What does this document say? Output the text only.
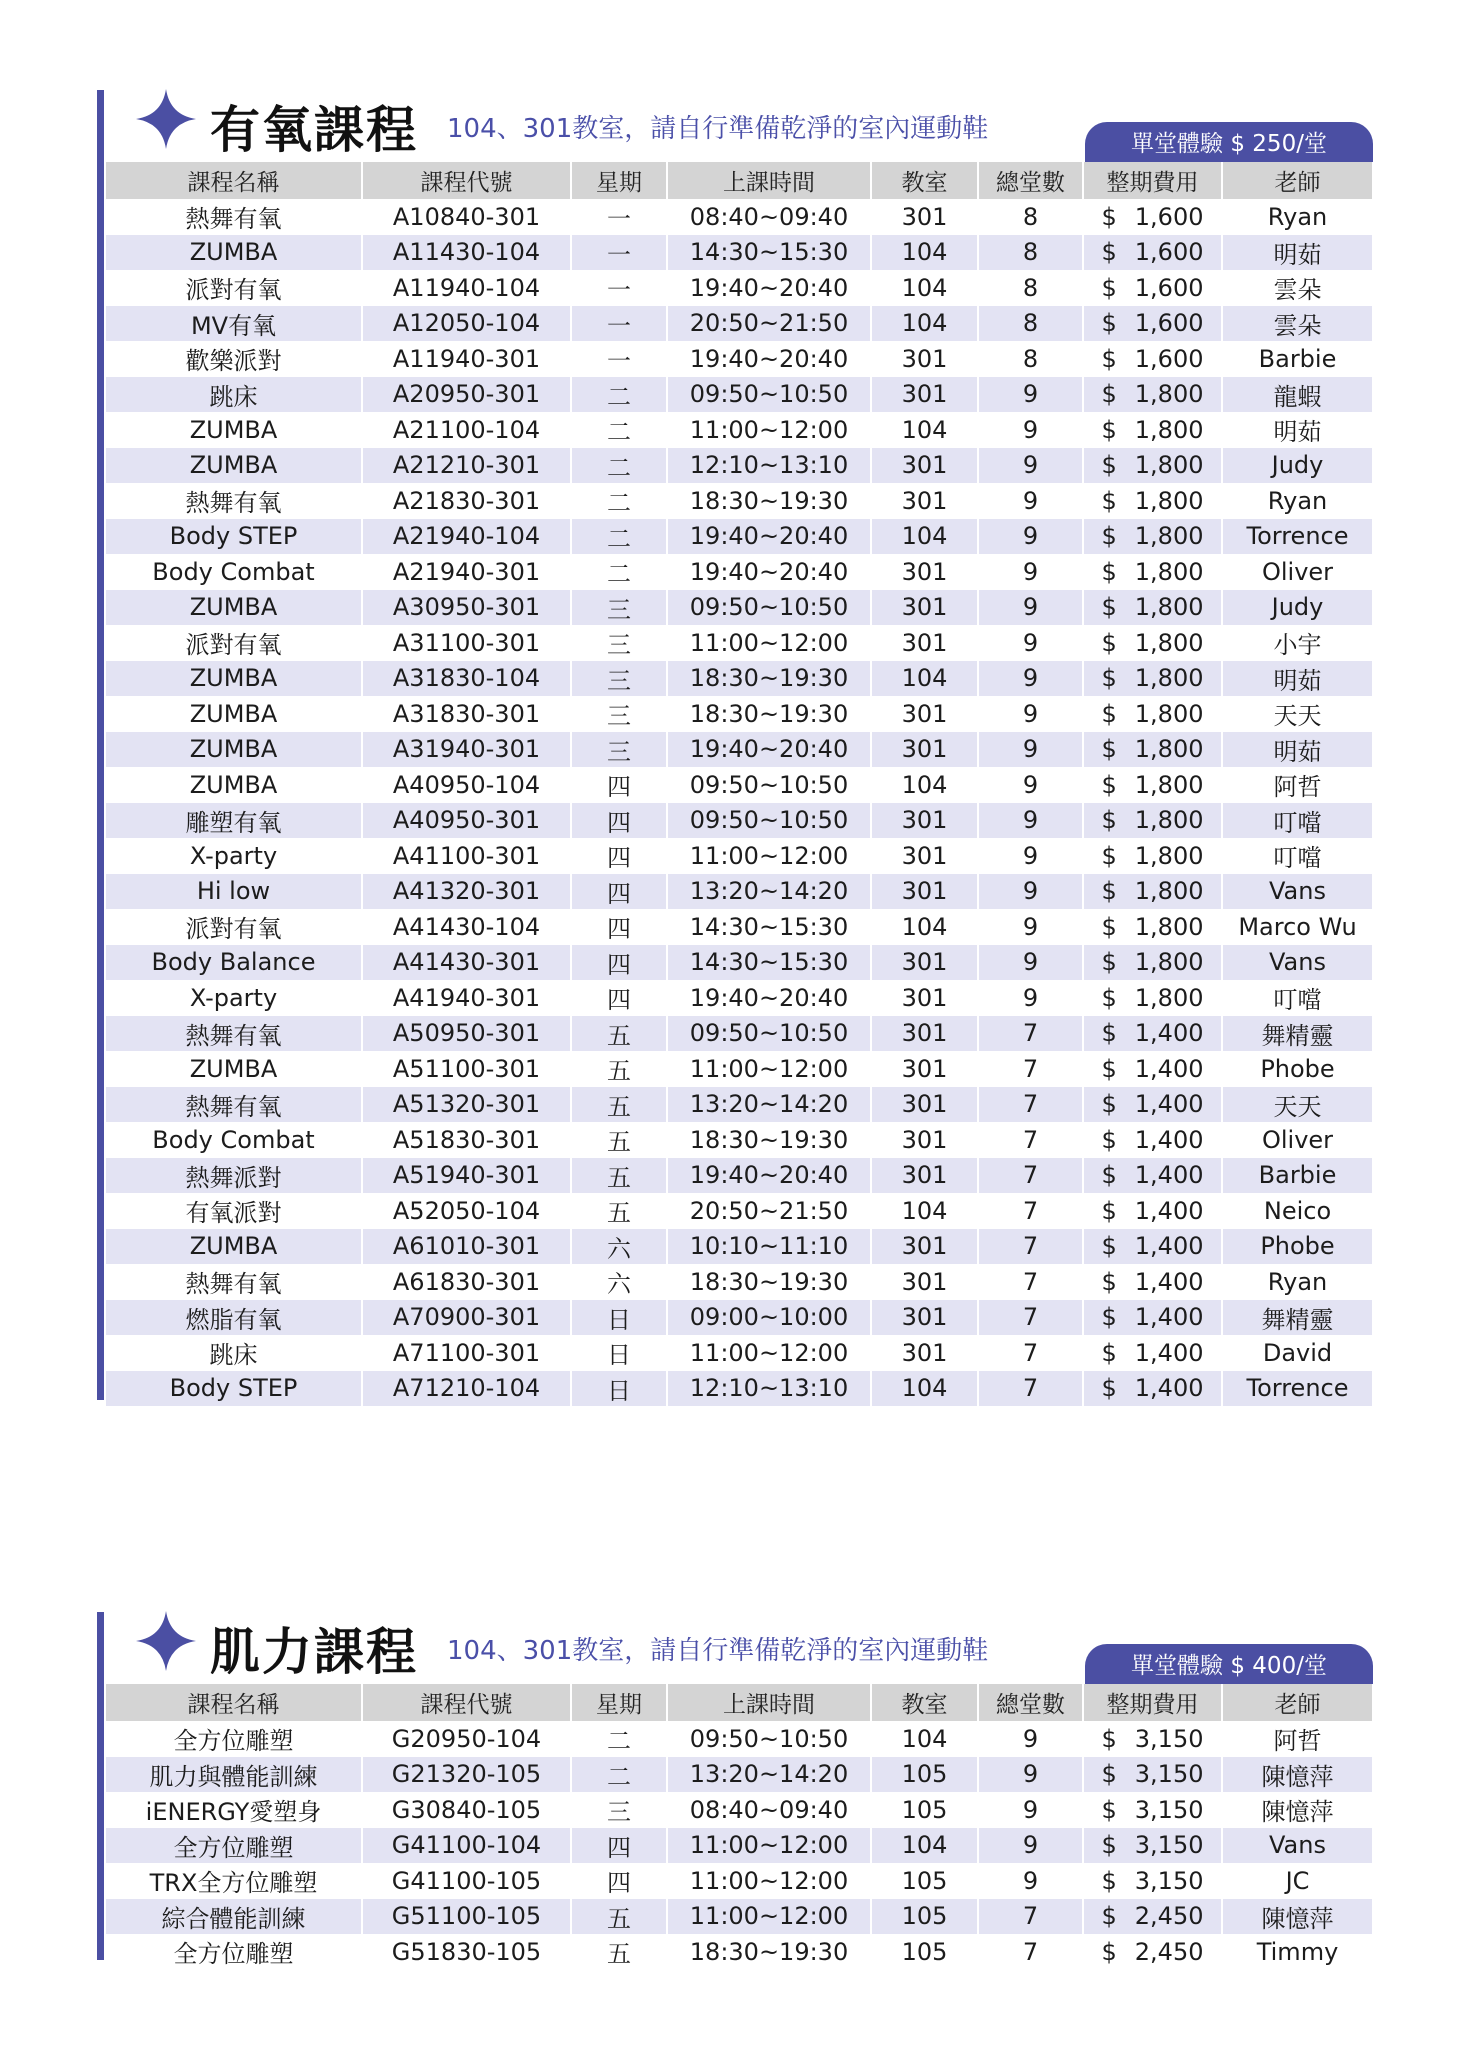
有氧課程 104、301教室，請自行準備乾淨的室內運動鞋	單堂體驗 $ 250/堂
課程名稱	課程代號	星期	上課時間	教室	總堂數	整期費用	老師
熱舞有氧	A10840-301	一	08:40~09:40	301	8	$ 1,600	Ryan
ZUMBA	A11430-104	一	14:30~15:30	104	8	$ 1,600	明茹
派對有氧	A11940-104	一	19:40~20:40	104	8	$ 1,600	雲朵
MV有氧	A12050-104	一	20:50~21:50	104	8	$ 1,600	雲朵
歡樂派對	A11940-301	一	19:40~20:40	301	8	$ 1,600	Barbie
跳床	A20950-301	二	09:50~10:50	301	9	$ 1,800	龍蝦
ZUMBA	A21100-104	二	11:00~12:00	104	9	$ 1,800	明茹
ZUMBA	A21210-301	二	12:10~13:10	301	9	$ 1,800	Judy
熱舞有氧	A21830-301	二	18:30~19:30	301	9	$ 1,800	Ryan
Body STEP	A21940-104	二	19:40~20:40	104	9	$ 1,800	Torrence
Body Combat	A21940-301	二	19:40~20:40	301	9	$ 1,800	Oliver
ZUMBA	A30950-301	三	09:50~10:50	301	9	$ 1,800	Judy
派對有氧	A31100-301	三	11:00~12:00	301	9	$ 1,800	小宇
ZUMBA	A31830-104	三	18:30~19:30	104	9	$ 1,800	明茹
ZUMBA	A31830-301	三	18:30~19:30	301	9	$ 1,800	天天
ZUMBA	A31940-301	三	19:40~20:40	301	9	$ 1,800	明茹
ZUMBA	A40950-104	四	09:50~10:50	104	9	$ 1,800	阿哲
雕塑有氧	A40950-301	四	09:50~10:50	301	9	$ 1,800	叮噹
X-party	A41100-301	四	11:00~12:00	301	9	$ 1,800	叮噹
Hi low	A41320-301	四	13:20~14:20	301	9	$ 1,800	Vans
派對有氧	A41430-104	四	14:30~15:30	104	9	$ 1,800	Marco Wu
Body Balance	A41430-301	四	14:30~15:30	301	9	$ 1,800	Vans
X-party	A41940-301	四	19:40~20:40	301	9	$ 1,800	叮噹
熱舞有氧	A50950-301	五	09:50~10:50	301	7	$ 1,400	舞精靈
ZUMBA	A51100-301	五	11:00~12:00	301	7	$ 1,400	Phobe
熱舞有氧	A51320-301	五	13:20~14:20	301	7	$ 1,400	天天
Body Combat	A51830-301	五	18:30~19:30	301	7	$ 1,400	Oliver
熱舞派對	A51940-301	五	19:40~20:40	301	7	$ 1,400	Barbie
有氧派對	A52050-104	五	20:50~21:50	104	7	$ 1,400	Neico
ZUMBA	A61010-301	六	10:10~11:10	301	7	$ 1,400	Phobe
熱舞有氧	A61830-301	六	18:30~19:30	301	7	$ 1,400	Ryan
燃脂有氧	A70900-301	日	09:00~10:00	301	7	$ 1,400	舞精靈
跳床	A71100-301	日	11:00~12:00	301	7	$ 1,400	David
Body STEP	A71210-104	日	12:10~13:10	104	7	$ 1,400	Torrence
肌力課程 104、301教室，請自行準備乾淨的室內運動鞋	單堂體驗 $ 400/堂
課程名稱	課程代號	星期	上課時間	教室	總堂數	整期費用	老師
全方位雕塑	G20950-104	二	09:50~10:50	104	9	$ 3,150	阿哲
肌力與體能訓練	G21320-105	二	13:20~14:20	105	9	$ 3,150	陳憶萍
iENERGY愛塑身	G30840-105	三	08:40~09:40	105	9	$ 3,150	陳憶萍
全方位雕塑	G41100-104	四	11:00~12:00	104	9	$ 3,150	Vans
TRX全方位雕塑	G41100-105	四	11:00~12:00	105	9	$ 3,150	JC
綜合體能訓練	G51100-105	五	11:00~12:00	105	7	$ 2,450	陳憶萍
全方位雕塑	G51830-105	五	18:30~19:30	105	7	$ 2,450	Timmy
